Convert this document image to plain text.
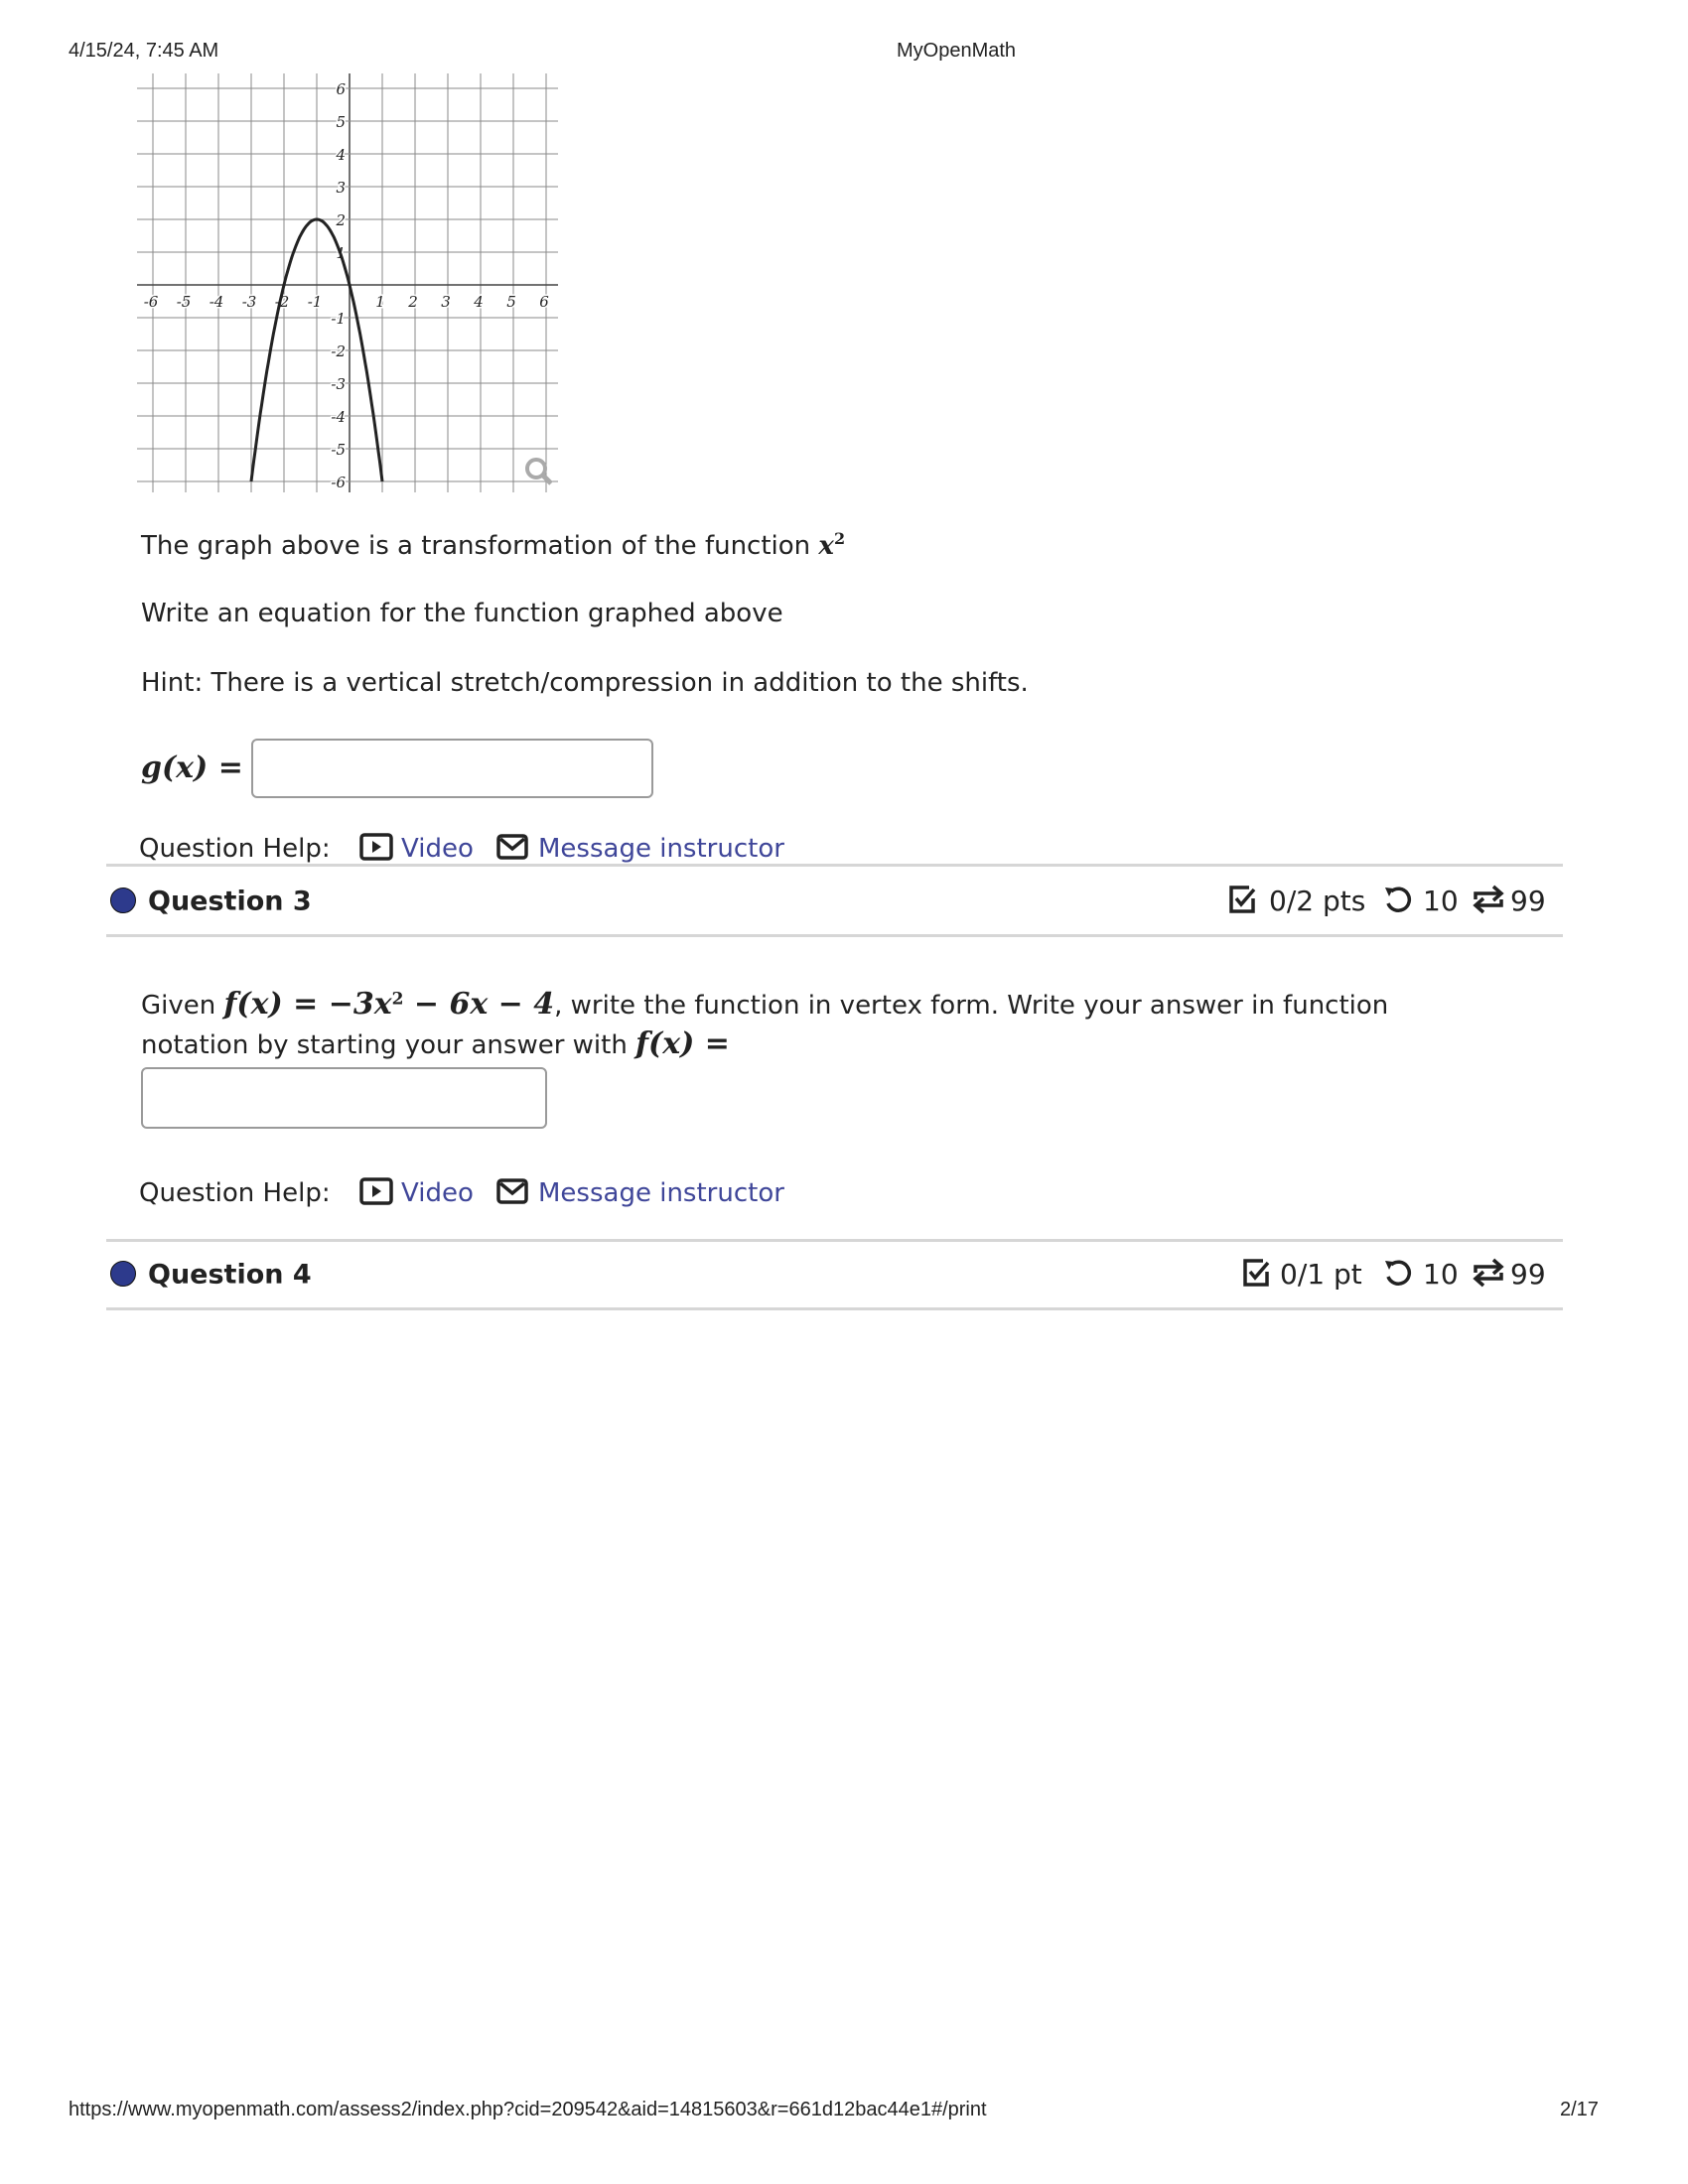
4/15/24, 7:45 AM	MyOpenMath
-6 -5 -4 -3 -2 -1	1 2 3 4 5 6
6
5
4
3
2
1
-1
-2
-3
-4
-5
-6
The graph above is a transformation of the function $x^2$
Write an equation for the function graphed above
Hint: There is a vertical stretch/compression in addition to the shifts.
g(x) =
Question Help:	Video	Message instructor
Question 3	0/2 pts 10 99
Given $f(x) = -3x^2 - 6x - 4$, write the function in vertex form. Write your answer in function
notation by starting your answer with f(x) =
Question Help:	Video	Message instructor
Question 4	0/1 pt 10 99
https://www.myopenmath.com/assess2/index.php?cid=209542&aid=14815603&r=661d12bac44e1#/print	2/17
